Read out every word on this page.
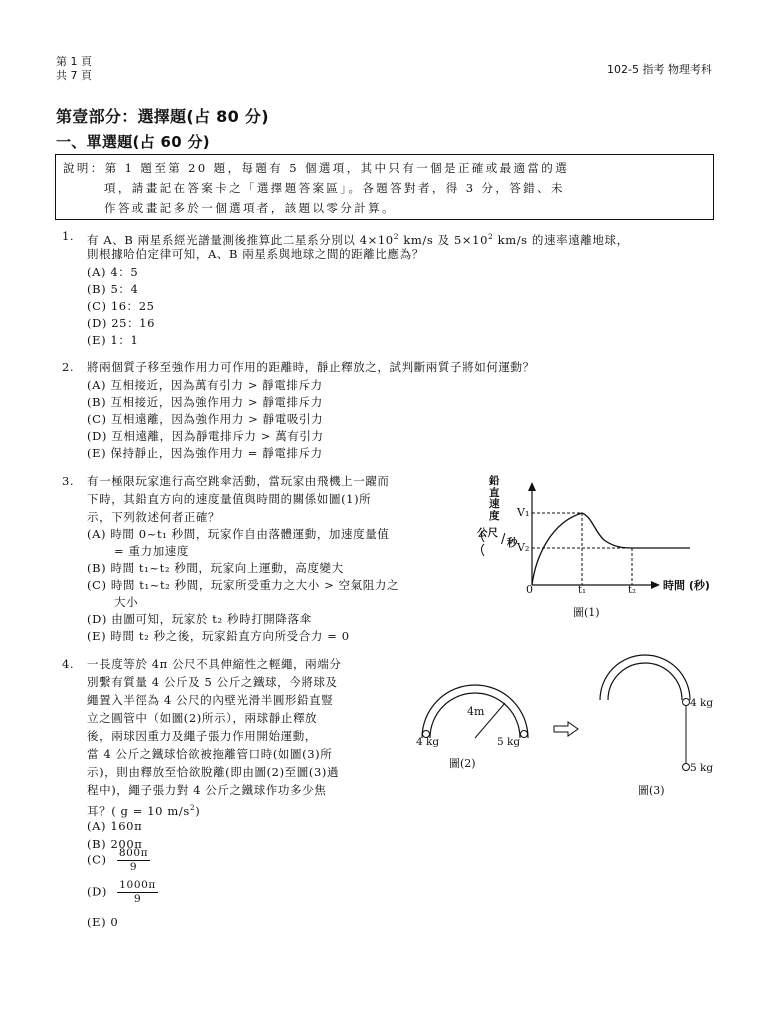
第 1 頁
共 7 頁	102-5 指考 物理考科
第壹部分：選擇題(占 80 分)
一、單選題(占 60 分)
說明：第 1 題至第 20 題，每題有 5 個選項，其中只有一個是正確或最適當的選
項，請畫記在答案卡之「選擇題答案區」。各題答對者，得 3 分，答錯、未
作答或畫記多於一個選項者，該題以零分計算。
1. 有 A、B 兩星系經光譜量測後推算此二星系分別以 $4\times 10^2$ km/s 及 $5\times 10^2$ km/s 的速率遠離地球，
則根據哈伯定律可知，A、B 兩星系與地球之間的距離比應為？
(A) 4：5
(B) 5：4
(C) 16：25
(D) 25：16
(E) 1：1
2. 將兩個質子移至強作用力可作用的距離時，靜止釋放之，試判斷兩質子將如何運動？
(A) 互相接近，因為萬有引力 > 靜電排斥力
(B) 互相接近，因為強作用力 > 靜電排斥力
(C) 互相遠離，因為強作用力 > 靜電吸引力
(D) 互相遠離，因為靜電排斥力 > 萬有引力
(E) 保持靜止，因為強作用力 = 靜電排斥力
3. 有一極限玩家進行高空跳傘活動，當玩家由飛機上一躍而
下時，其鉛直方向的速度量值與時間的關係如圖(1)所
示，下列敘述何者正確？
(A) 時間 0~t₁ 秒間，玩家作自由落體運動，加速度量值
= 重力加速度
(B) 時間 t₁~t₂ 秒間，玩家向上運動，高度變大
(C) 時間 t₁~t₂ 秒間，玩家所受重力之大小 > 空氣阻力之
大小
(D) 由圖可知，玩家於 t₂ 秒時打開降落傘
(E) 時間 t₂ 秒之後，玩家鉛直方向所受合力 = 0
鉛直速度
公尺 / 秒
V₁
V₂
0	t₁	t₂ 時間 (秒)
圖(1)
4. 一長度等於 4π 公尺不具伸縮性之輕繩，兩端分
別繫有質量 4 公斤及 5 公斤之鐵球，今將球及
繩置入半徑為 4 公尺的內壁光滑半圓形鉛直豎
立之圓管中（如圖(2)所示），兩球靜止釋放
後，兩球因重力及繩子張力作用開始運動，
當 4 公斤之鐵球恰欲被拖離管口時(如圖(3)所
示)，則由釋放至恰欲脫離(即由圖(2)至圖(3)過
程中)，繩子張力對 4 公斤之鐵球作功多少焦
耳？( g = 10 $m/s^2$)
(A) 160π
(B) 200π
$(C) \frac{800\pi}{9}$
$(D) \frac{1000\pi}{9}$
(E) 0
4m
4 kg	5 kg
圖(2)
4 kg
5 kg
圖(3)
